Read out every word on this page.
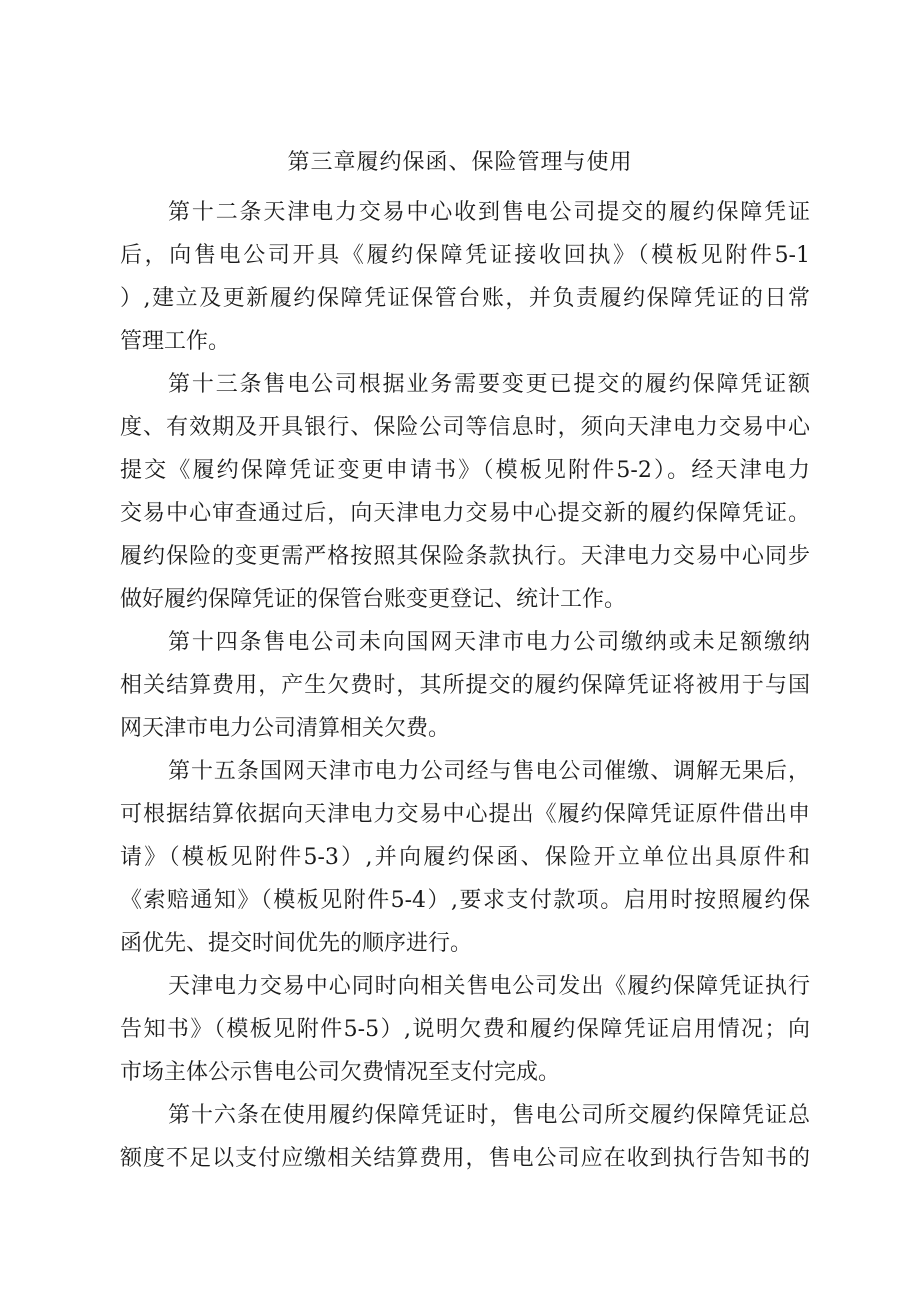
第三章履约保函、保险管理与使用
第十二条天津电力交易中心收到售电公司提交的履约保障凭证
后，向售电公司开具《履约保障凭证接收回执》（模板见附件5-1
）,建立及更新履约保障凭证保管台账，并负责履约保障凭证的日常
管理工作。
第十三条售电公司根据业务需要变更已提交的履约保障凭证额
度、有效期及开具银行、保险公司等信息时，须向天津电力交易中心
提交《履约保障凭证变更申请书》（模板见附件5-2）。经天津电力
交易中心审查通过后，向天津电力交易中心提交新的履约保障凭证。
履约保险的变更需严格按照其保险条款执行。天津电力交易中心同步
做好履约保障凭证的保管台账变更登记、统计工作。
第十四条售电公司未向国网天津市电力公司缴纳或未足额缴纳
相关结算费用，产生欠费时，其所提交的履约保障凭证将被用于与国
网天津市电力公司清算相关欠费。
第十五条国网天津市电力公司经与售电公司催缴、调解无果后，
可根据结算依据向天津电力交易中心提出《履约保障凭证原件借出申
请》（模板见附件5-3）,并向履约保函、保险开立单位出具原件和
《索赔通知》（模板见附件5-4）,要求支付款项。启用时按照履约保
函优先、提交时间优先的顺序进行。
天津电力交易中心同时向相关售电公司发出《履约保障凭证执行
告知书》（模板见附件5-5）,说明欠费和履约保障凭证启用情况；向
市场主体公示售电公司欠费情况至支付完成。
第十六条在使用履约保障凭证时，售电公司所交履约保障凭证总
额度不足以支付应缴相关结算费用，售电公司应在收到执行告知书的
